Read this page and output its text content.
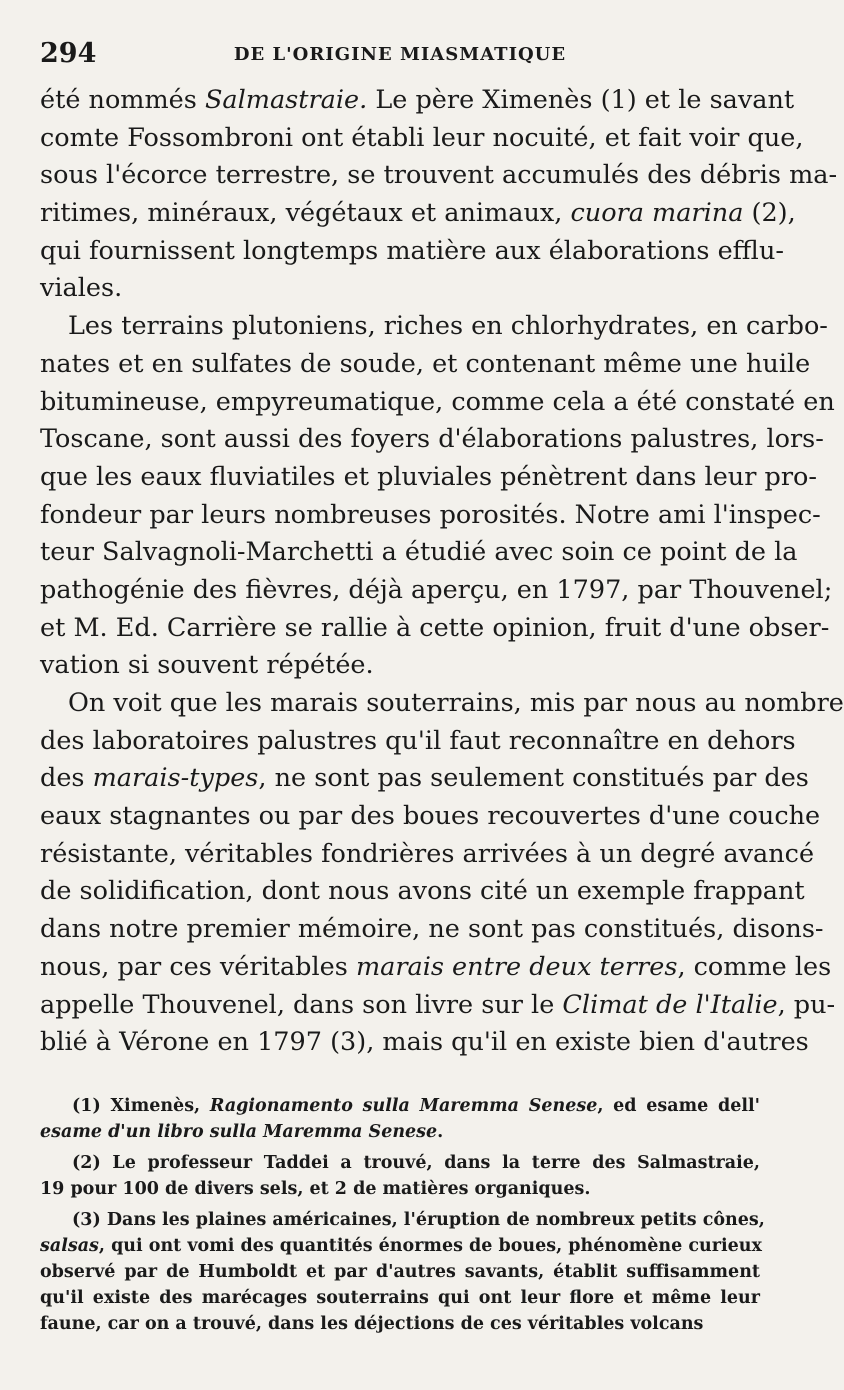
294	DE L'ORIGINE MIASMATIQUE
été nommés Salmastraie. Le père Ximenès (1) et le savant
comte Fossombroni ont établi leur nocuité, et fait voir que,
sous l'écorce terrestre, se trouvent accumulés des débris ma-
ritimes, minéraux, végétaux et animaux, cuora marina (2),
qui fournissent longtemps matière aux élaborations efflu-
viales.
Les terrains plutoniens, riches en chlorhydrates, en carbo-
nates et en sulfates de soude, et contenant même une huile
bitumineuse, empyreumatique, comme cela a été constaté en
Toscane, sont aussi des foyers d'élaborations palustres, lors-
que les eaux fluviatiles et pluviales pénètrent dans leur pro-
fondeur par leurs nombreuses porosités. Notre ami l'inspec-
teur Salvagnoli-Marchetti a étudié avec soin ce point de la
pathogénie des fièvres, déjà aperçu, en 1797, par Thouvenel;
et M. Ed. Carrière se rallie à cette opinion, fruit d'une obser-
vation si souvent répétée.
On voit que les marais souterrains, mis par nous au nombre
des laboratoires palustres qu'il faut reconnaître en dehors
des marais-types, ne sont pas seulement constitués par des
eaux stagnantes ou par des boues recouvertes d'une couche
résistante, véritables fondrières arrivées à un degré avancé
de solidification, dont nous avons cité un exemple frappant
dans notre premier mémoire, ne sont pas constitués, disons-
nous, par ces véritables marais entre deux terres, comme les
appelle Thouvenel, dans son livre sur le Climat de l'Italie, pu-
blié à Vérone en 1797 (3), mais qu'il en existe bien d'autres
(1) Ximenès, Ragionamento sulla Maremma Senese, ed esame dell'
esame d'un libro sulla Maremma Senese.
(2) Le professeur Taddei a trouvé, dans la terre des Salmastraie,
19 pour 100 de divers sels, et 2 de matières organiques.
(3) Dans les plaines américaines, l'éruption de nombreux petits cônes,
salsas, qui ont vomi des quantités énormes de boues, phénomène curieux
observé par de Humboldt et par d'autres savants, établit suffisamment
qu'il existe des marécages souterrains qui ont leur flore et même leur
faune, car on a trouvé, dans les déjections de ces véritables volcans
